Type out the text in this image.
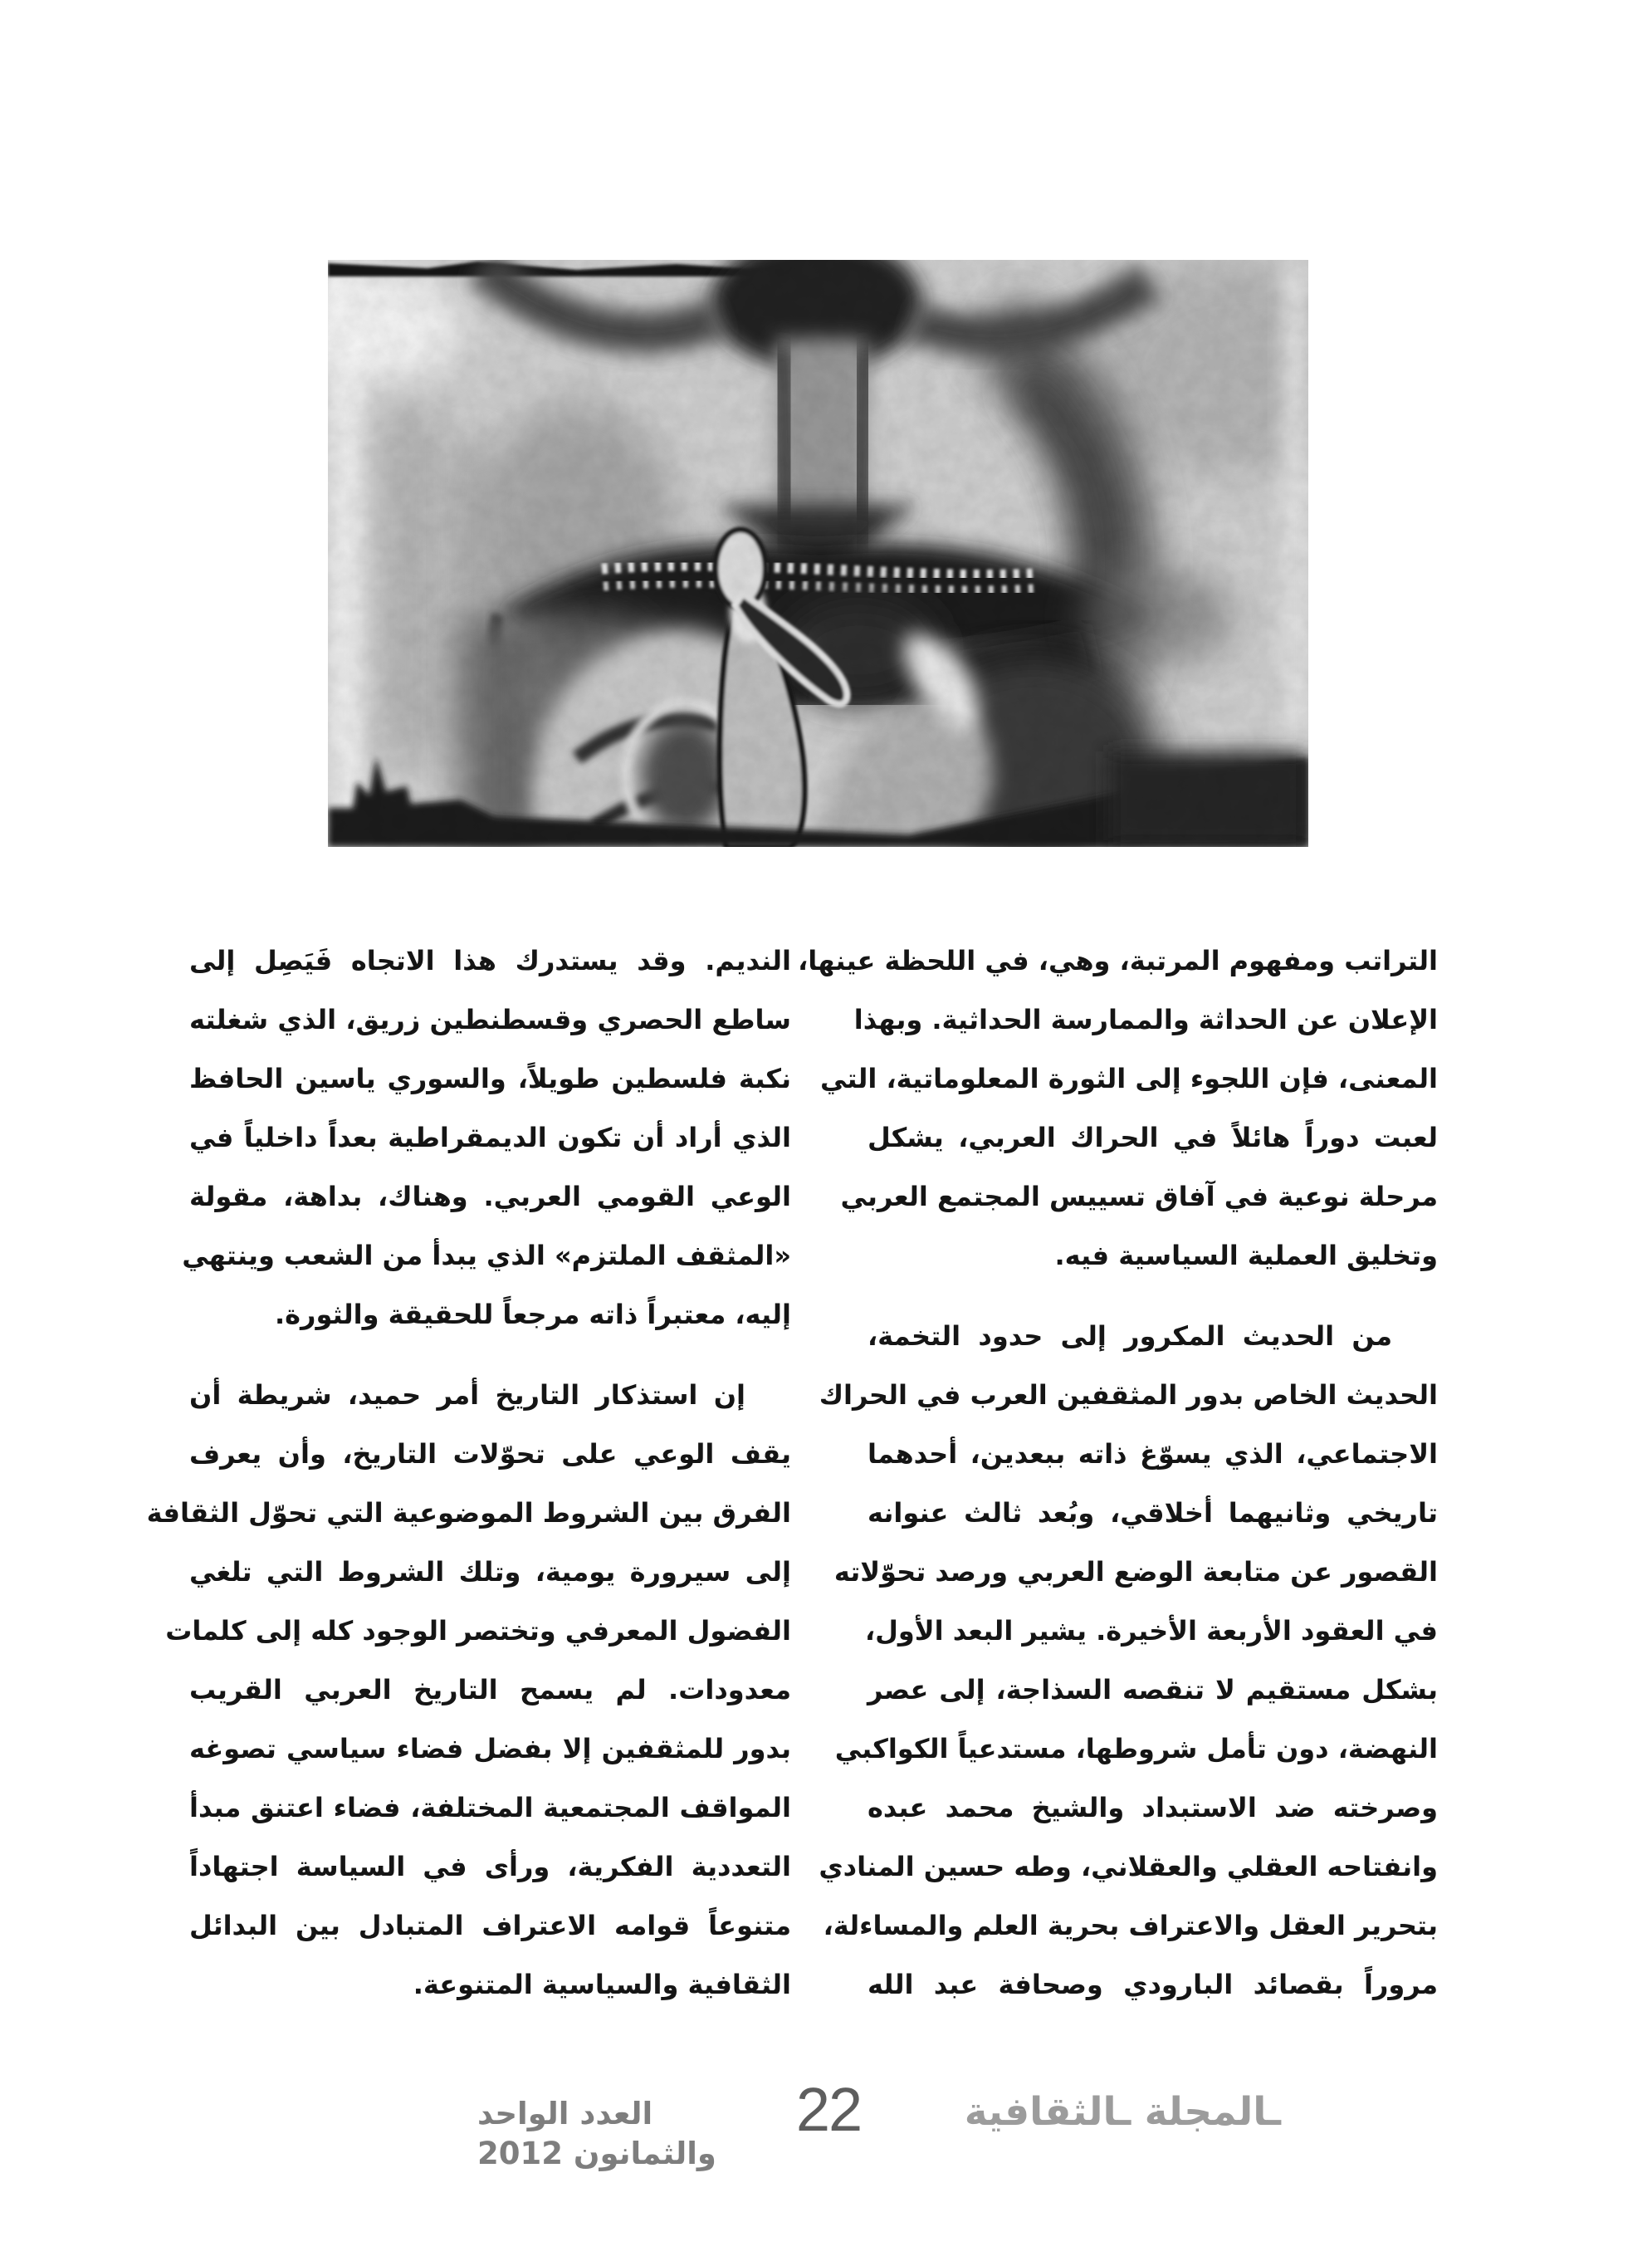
التراتب ومفهوم المرتبة، وهي، في اللحظة عينها،
الإعلان عن الحداثة والممارسة الحداثية. وبهذا
المعنى، فإن اللجوء إلى الثورة المعلوماتية، التي
لعبت دوراً هائلاً في الحراك العربي، يشكل
مرحلة نوعية في آفاق تسييس المجتمع العربي
وتخليق العملية السياسية فيه.
من الحديث المكرور إلى حدود التخمة،
الحديث الخاص بدور المثقفين العرب في الحراك
الاجتماعي، الذي يسوّغ ذاته ببعدين، أحدهما
تاريخي وثانيهما أخلاقي، وبُعد ثالث عنوانه
القصور عن متابعة الوضع العربي ورصد تحوّلاته
في العقود الأربعة الأخيرة. يشير البعد الأول،
بشكل مستقيم لا تنقصه السذاجة، إلى عصر
النهضة، دون تأمل شروطها، مستدعياً الكواكبي
وصرخته ضد الاستبداد والشيخ محمد عبده
وانفتاحه العقلي والعقلاني، وطه حسين المنادي
بتحرير العقل والاعتراف بحرية العلم والمساءلة،
مروراً بقصائد البارودي وصحافة عبد الله
النديم. وقد يستدرك هذا الاتجاه فَيَصِل إلى
ساطع الحصري وقسطنطين زريق، الذي شغلته
نكبة فلسطين طويلاً، والسوري ياسين الحافظ
الذي أراد أن تكون الديمقراطية بعداً داخلياً في
الوعي القومي العربي. وهناك، بداهة، مقولة
«المثقف الملتزم» الذي يبدأ من الشعب وينتهي
إليه، معتبراً ذاته مرجعاً للحقيقة والثورة.
إن استذكار التاريخ أمر حميد، شريطة أن
يقف الوعي على تحوّلات التاريخ، وأن يعرف
الفرق بين الشروط الموضوعية التي تحوّل الثقافة
إلى سيرورة يومية، وتلك الشروط التي تلغي
الفضول المعرفي وتختصر الوجود كله إلى كلمات
معدودات. لم يسمح التاريخ العربي القريب
بدور للمثقفين إلا بفضل فضاء سياسي تصوغه
المواقف المجتمعية المختلفة، فضاء اعتنق مبدأ
التعددية الفكرية، ورأى في السياسة اجتهاداً
متنوعاً قوامه الاعتراف المتبادل بين البدائل
الثقافية والسياسية المتنوعة.
العدد الواحد والثمانون 2012
22	ـالمجلة ـالثقافية
